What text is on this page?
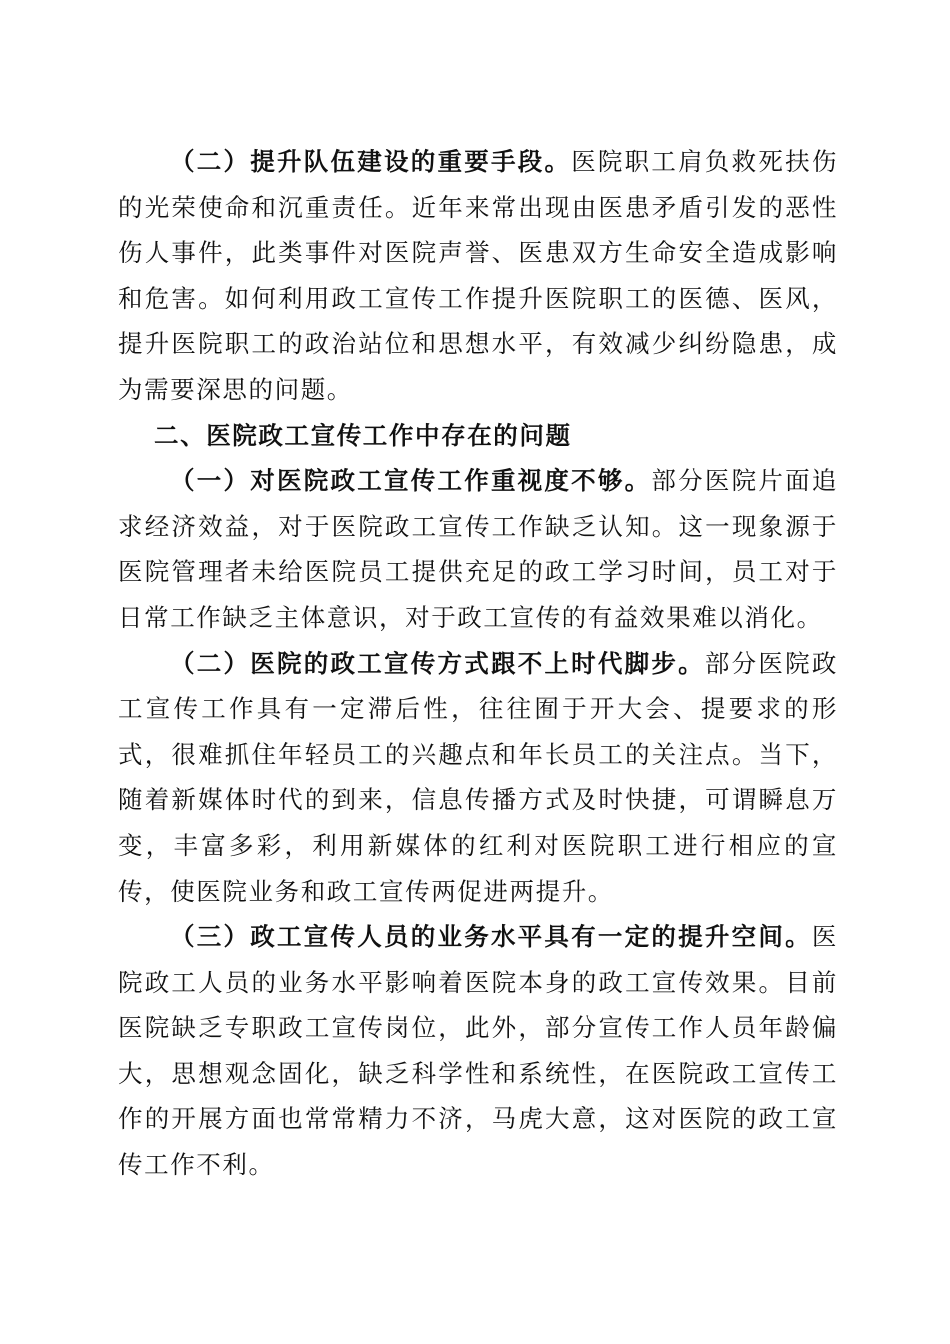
（二）提升队伍建设的重要手段。医院职工肩负救死扶伤的光荣使命和沉重责任。近年来常出现由医患矛盾引发的恶性伤人事件，此类事件对医院声誉、医患双方生命安全造成影响和危害。如何利用政工宣传工作提升医院职工的医德、医风，提升医院职工的政治站位和思想水平，有效减少纠纷隐患，成为需要深思的问题。

二、医院政工宣传工作中存在的问题

（一）对医院政工宣传工作重视度不够。部分医院片面追求经济效益，对于医院政工宣传工作缺乏认知。这一现象源于医院管理者未给医院员工提供充足的政工学习时间，员工对于日常工作缺乏主体意识，对于政工宣传的有益效果难以消化。

（二）医院的政工宣传方式跟不上时代脚步。部分医院政工宣传工作具有一定滞后性，往往囿于开大会、提要求的形式，很难抓住年轻员工的兴趣点和年长员工的关注点。当下，随着新媒体时代的到来，信息传播方式及时快捷，可谓瞬息万变，丰富多彩，利用新媒体的红利对医院职工进行相应的宣传，使医院业务和政工宣传两促进两提升。

（三）政工宣传人员的业务水平具有一定的提升空间。医院政工人员的业务水平影响着医院本身的政工宣传效果。目前医院缺乏专职政工宣传岗位，此外，部分宣传工作人员年龄偏大，思想观念固化，缺乏科学性和系统性，在医院政工宣传工作的开展方面也常常精力不济，马虎大意，这对医院的政工宣传工作不利。
